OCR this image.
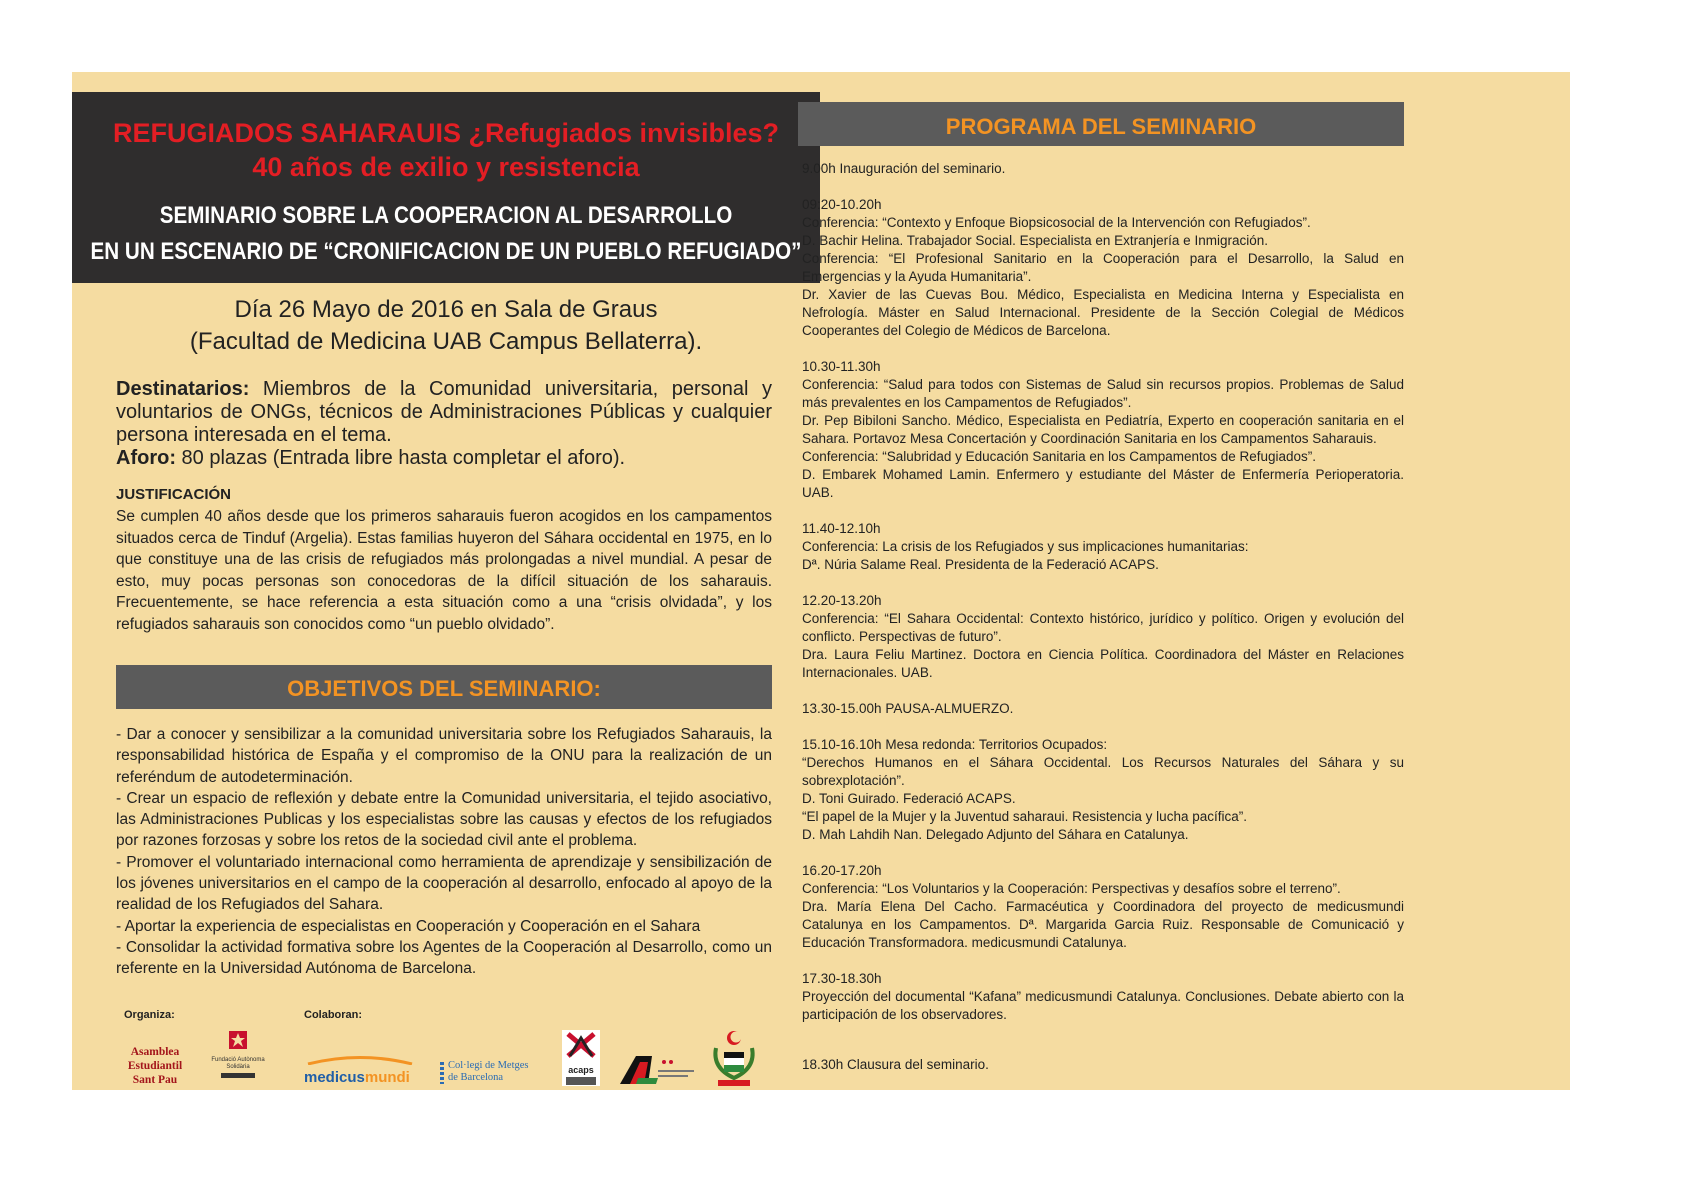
REFUGIADOS SAHARAUIS ¿Refugiados invisibles?
40 años de exilio y resistencia
SEMINARIO SOBRE LA COOPERACION AL DESARROLLO
EN UN ESCENARIO DE “CRONIFICACION DE UN PUEBLO REFUGIADO”
Día 26 Mayo de 2016 en Sala de Graus
(Facultad de Medicina UAB Campus Bellaterra).
Destinatarios: Miembros de la Comunidad universitaria, personal y voluntarios de ONGs, técnicos de Administraciones Públicas y cualquier persona interesada en el tema.
Aforo: 80 plazas (Entrada libre hasta completar el aforo).
JUSTIFICACIÓN
Se cumplen 40 años desde que los primeros saharauis fueron acogidos en los campamentos situados cerca de Tinduf (Argelia). Estas familias huyeron del Sáhara occidental en 1975, en lo que constituye una de las crisis de refugiados más prolongadas a nivel mundial. A pesar de esto, muy pocas personas son conocedoras de la difícil situación de los saharauis. Frecuentemente, se hace referencia a esta situación como a una “crisis olvidada”, y los refugiados saharauis son conocidos como “un pueblo olvidado”.
OBJETIVOS DEL SEMINARIO:
- Dar a conocer y sensibilizar a la comunidad universitaria sobre los Refugiados Saharauis, la responsabilidad histórica de España y el compromiso de la ONU para la realización de un referéndum de autodeterminación.
- Crear un espacio de reflexión y debate entre la Comunidad universitaria, el tejido asociativo, las Administraciones Publicas y los especialistas sobre las causas y efectos de los refugiados por razones forzosas y sobre los retos de la sociedad civil ante el problema.
- Promover el voluntariado internacional como herramienta de aprendizaje y sensibilización de los jóvenes universitarios en el campo de la cooperación al desarrollo, enfocado al apoyo de la realidad de los Refugiados del Sahara.
- Aportar la experiencia de especialistas en Cooperación y Cooperación en el Sahara
- Consolidar la actividad formativa sobre los Agentes de la Cooperación al Desarrollo, como un referente en la Universidad Autónoma de Barcelona.
Organiza:	Colaboran:
Asamblea
Estudiantil
Sant Pau
Fundació Autònoma Solidària
medicusmundi
Col·legi de Metges
de Barcelona
acaps
PROGRAMA DEL SEMINARIO
9.00h Inauguración del seminario.
09:20-10.20h
Conferencia: “Contexto y Enfoque Biopsicosocial de la Intervención con Refugiados”.
D. Bachir Helina. Trabajador Social. Especialista en Extranjería e Inmigración.
Conferencia: “El Profesional Sanitario en la Cooperación para el Desarrollo, la Salud en Emergencias y la Ayuda Humanitaria”.
Dr. Xavier de las Cuevas Bou. Médico, Especialista en Medicina Interna y Especialista en Nefrología. Máster en Salud Internacional. Presidente de la Sección Colegial de Médicos Cooperantes del Colegio de Médicos de Barcelona.
10.30-11.30h
Conferencia: “Salud para todos con Sistemas de Salud sin recursos propios. Problemas de Salud más prevalentes en los Campamentos de Refugiados”.
Dr. Pep Bibiloni Sancho. Médico, Especialista en Pediatría, Experto en cooperación sanitaria en el Sahara. Portavoz Mesa Concertación y Coordinación Sanitaria en los Campamentos Saharauis.
Conferencia: “Salubridad y Educación Sanitaria en los Campamentos de Refugiados”.
D. Embarek Mohamed Lamin. Enfermero y estudiante del Máster de Enfermería Perioperatoria. UAB.
11.40-12.10h
Conferencia: La crisis de los Refugiados y sus implicaciones humanitarias:
Dª. Núria Salame Real. Presidenta de la Federació ACAPS.
12.20-13.20h
Conferencia: “El Sahara Occidental: Contexto histórico, jurídico y político. Origen y evolución del conflicto. Perspectivas de futuro”.
Dra. Laura Feliu Martinez. Doctora en Ciencia Política. Coordinadora del Máster en Relaciones Internacionales. UAB.
13.30-15.00h PAUSA-ALMUERZO.
15.10-16.10h Mesa redonda: Territorios Ocupados:
“Derechos Humanos en el Sáhara Occidental. Los Recursos Naturales del Sáhara y su sobrexplotación”.
D. Toni Guirado. Federació ACAPS.
“El papel de la Mujer y la Juventud saharaui. Resistencia y lucha pacífica”.
D. Mah Lahdih Nan. Delegado Adjunto del Sáhara en Catalunya.
16.20-17.20h
Conferencia: “Los Voluntarios y la Cooperación: Perspectivas y desafíos sobre el terreno”.
Dra. María Elena Del Cacho. Farmacéutica y Coordinadora del proyecto de medicusmundi Catalunya en los Campamentos. Dª. Margarida Garcia Ruiz. Responsable de Comunicació y Educación Transformadora. medicusmundi Catalunya.
17.30-18.30h
Proyección del documental “Kafana” medicusmundi Catalunya. Conclusiones. Debate abierto con la participación de los observadores.
18.30h Clausura del seminario.
